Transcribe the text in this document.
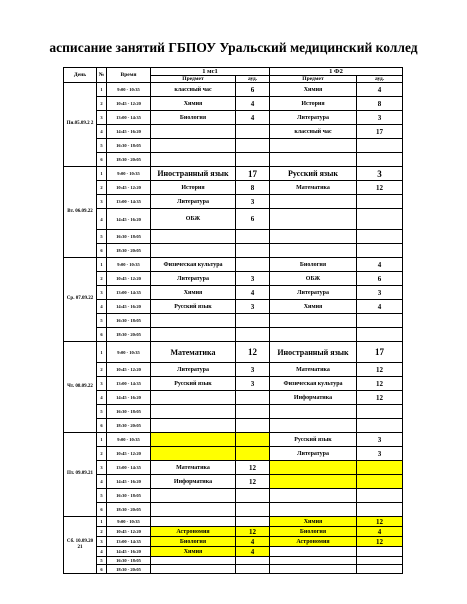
асписание занятий ГБПОУ Уральский медицинский коллед
День	№	Время	1 мс1		1 Ф2	
			Предмет	ауд.	Предмет	ауд.
Пн.05.09.2 2	1	9:00 - 10:35	классный час	6	Химия	4
	2	10:45 - 12:20	Химия	4	История	8
	3	13:00 - 14:35	Биология	4	Литература	3
	4	14:45 - 16:20			классный час	17
	5	16:30 - 18:05				
	6	18:30 - 20:05				
Вт. 06.09.22	1	9:00 - 10:35	Иностранный язык	17	Русский язык	3
	2	10:45 - 12:20	История	8	Математика	12
	3	13:00 - 14:35	Литература	3		
	4	14:45 - 16:20	ОБЖ	6		
	5	16:30 - 18:05				
	6	18:30 - 20:05				
Ср. 07.09.22	1	9:00 - 10:35	Физическая культура		Биология	4
	2	10:45 - 12:20	Литература	3	ОБЖ	6
	3	13:00 - 14:35	Химия	4	Литература	3
	4	14:45 - 16:20	Русский язык	3	Химия	4
	5	16:30 - 18:05				
	6	18:30 - 20:05				
Чт. 08.09.22	1	9:00 - 10:35	Математика	12	Иностранный язык	17
	2	10:45 - 12:20	Литература	3	Математика	12
	3	13:00 - 14:35	Русский язык	3	Физическая культура	12
	4	14:45 - 16:20			Информатика	12
	5	16:30 - 18:05				
	6	18:30 - 20:05				
Пт. 09.09.21	1	9:00 - 10:35			Русский язык	3
	2	10:45 - 12:20			Литература	3
	3	13:00 - 14:35	Математика	12		
	4	14:45 - 16:20	Информатика	12		
	5	16:30 - 18:05				
	6	18:30 - 20:05				
Сб. 10.09.20 21	1	9:00 - 10:35			Химия	12
	2	10:45 - 12:20	Астрономия	12	Биология	4
	3	13:00 - 14:35	Биология	4	Астрономия	12
	4	14:45 - 16:20	Химия	4		
	5	16:30 - 18:05				
	6	18:30 - 20:05				
